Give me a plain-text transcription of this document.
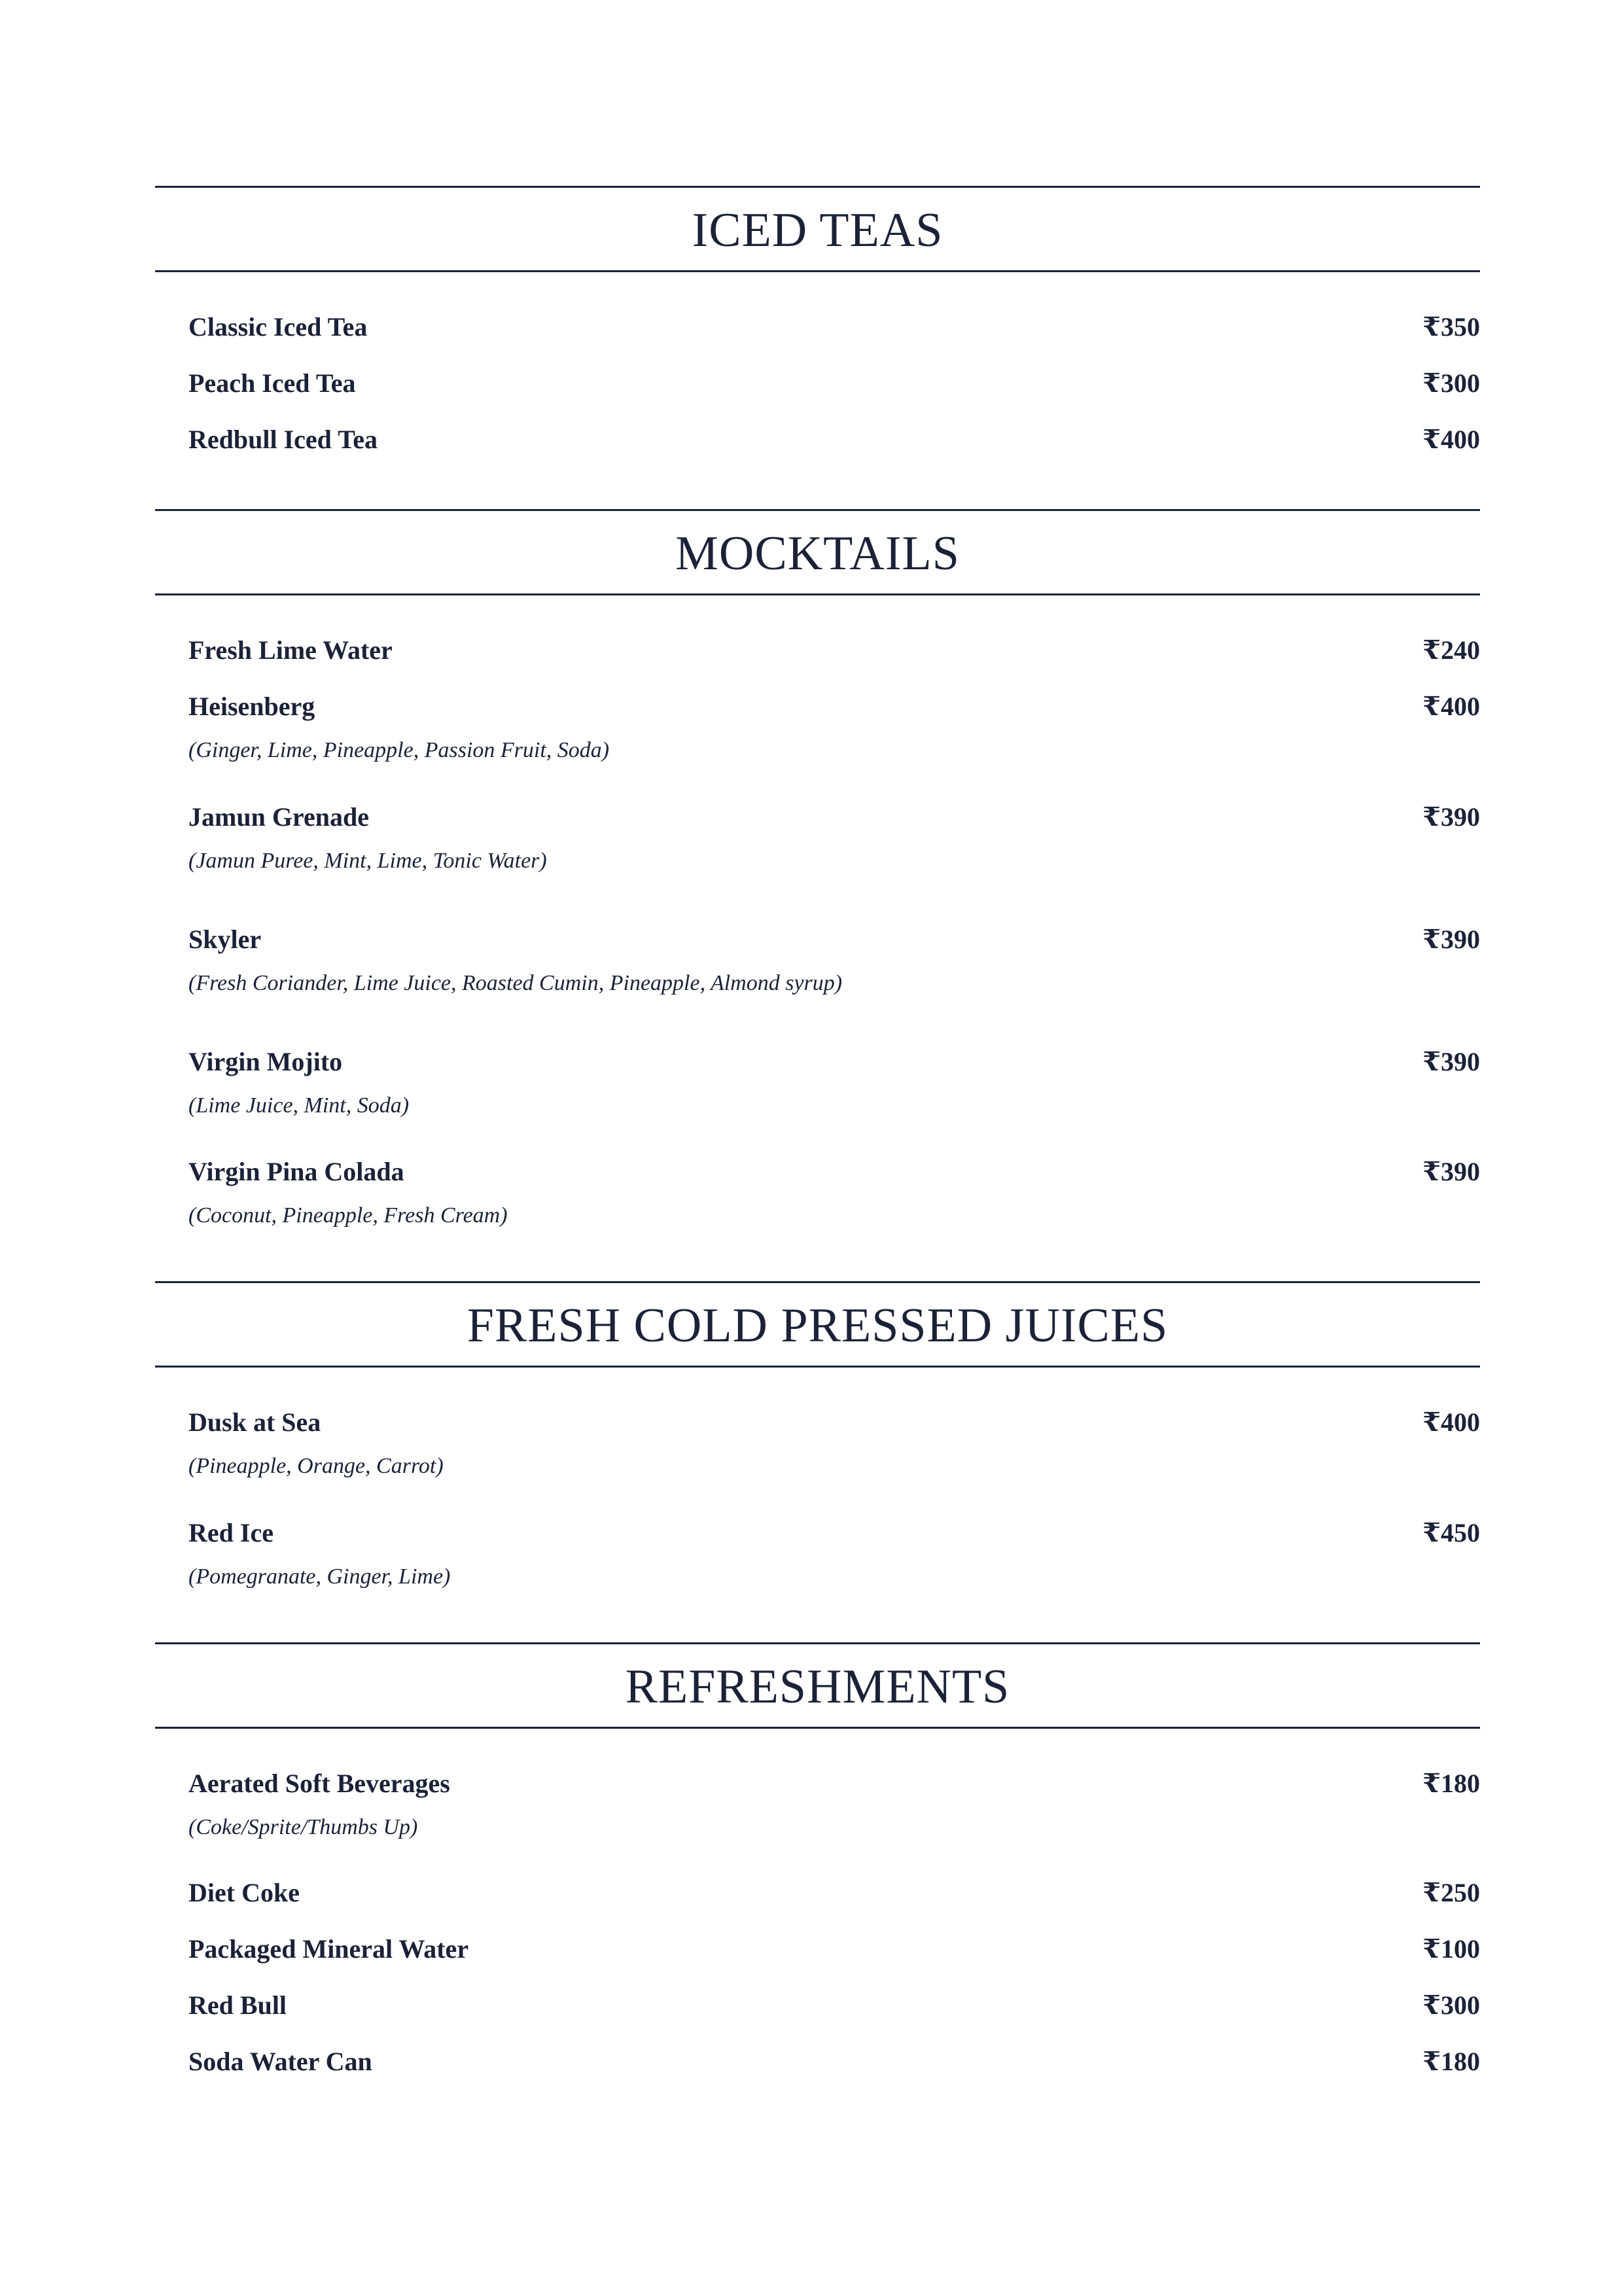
ICED TEAS
Classic Iced Tea	₹350
Peach Iced Tea	₹300
Redbull Iced Tea	₹400
MOCKTAILS
Fresh Lime Water	₹240
Heisenberg	₹400
(Ginger, Lime, Pineapple, Passion Fruit, Soda)
Jamun Grenade	₹390
(Jamun Puree, Mint, Lime, Tonic Water)
Skyler	₹390
(Fresh Coriander, Lime Juice, Roasted Cumin, Pineapple, Almond syrup)
Virgin Mojito	₹390
(Lime Juice, Mint, Soda)
Virgin Pina Colada	₹390
(Coconut, Pineapple, Fresh Cream)
FRESH COLD PRESSED JUICES
Dusk at Sea	₹400
(Pineapple, Orange, Carrot)
Red Ice	₹450
(Pomegranate, Ginger, Lime)
REFRESHMENTS
Aerated Soft Beverages	₹180
(Coke/Sprite/Thumbs Up)
Diet Coke	₹250
Packaged Mineral Water	₹100
Red Bull	₹300
Soda Water Can	₹180
